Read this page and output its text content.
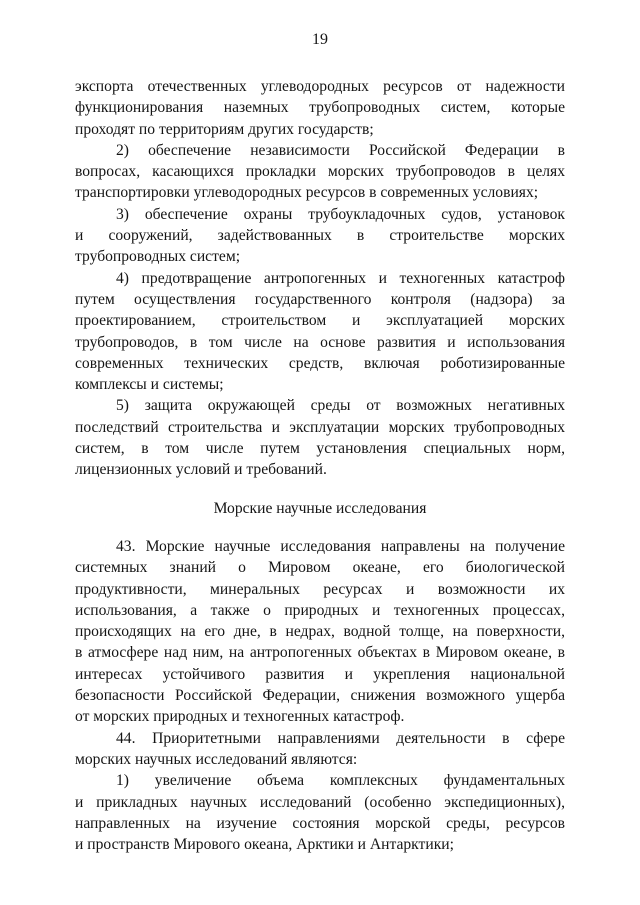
19
экспорта отечественных углеводородных ресурсов от надежности
функционирования наземных трубопроводных систем, которые
проходят по территориям других государств;
2) обеспечение независимости Российской Федерации в
вопросах, касающихся прокладки морских трубопроводов в целях
транспортировки углеводородных ресурсов в современных условиях;
3) обеспечение охраны трубоукладочных судов, установок
и сооружений, задействованных в строительстве морских
трубопроводных систем;
4) предотвращение антропогенных и техногенных катастроф
путем осуществления государственного контроля (надзора) за
проектированием, строительством и эксплуатацией морских
трубопроводов, в том числе на основе развития и использования
современных технических средств, включая роботизированные
комплексы и системы;
5) защита окружающей среды от возможных негативных
последствий строительства и эксплуатации морских трубопроводных
систем, в том числе путем установления специальных норм,
лицензионных условий и требований.
Морские научные исследования
43. Морские научные исследования направлены на получение
системных знаний о Мировом океане, его биологической
продуктивности, минеральных ресурсах и возможности их
использования, а также о природных и техногенных процессах,
происходящих на его дне, в недрах, водной толще, на поверхности,
в атмосфере над ним, на антропогенных объектах в Мировом океане, в
интересах устойчивого развития и укрепления национальной
безопасности Российской Федерации, снижения возможного ущерба
от морских природных и техногенных катастроф.
44. Приоритетными направлениями деятельности в сфере
морских научных исследований являются:
1) увеличение объема комплексных фундаментальных
и прикладных научных исследований (особенно экспедиционных),
направленных на изучение состояния морской среды, ресурсов
и пространств Мирового океана, Арктики и Антарктики;
